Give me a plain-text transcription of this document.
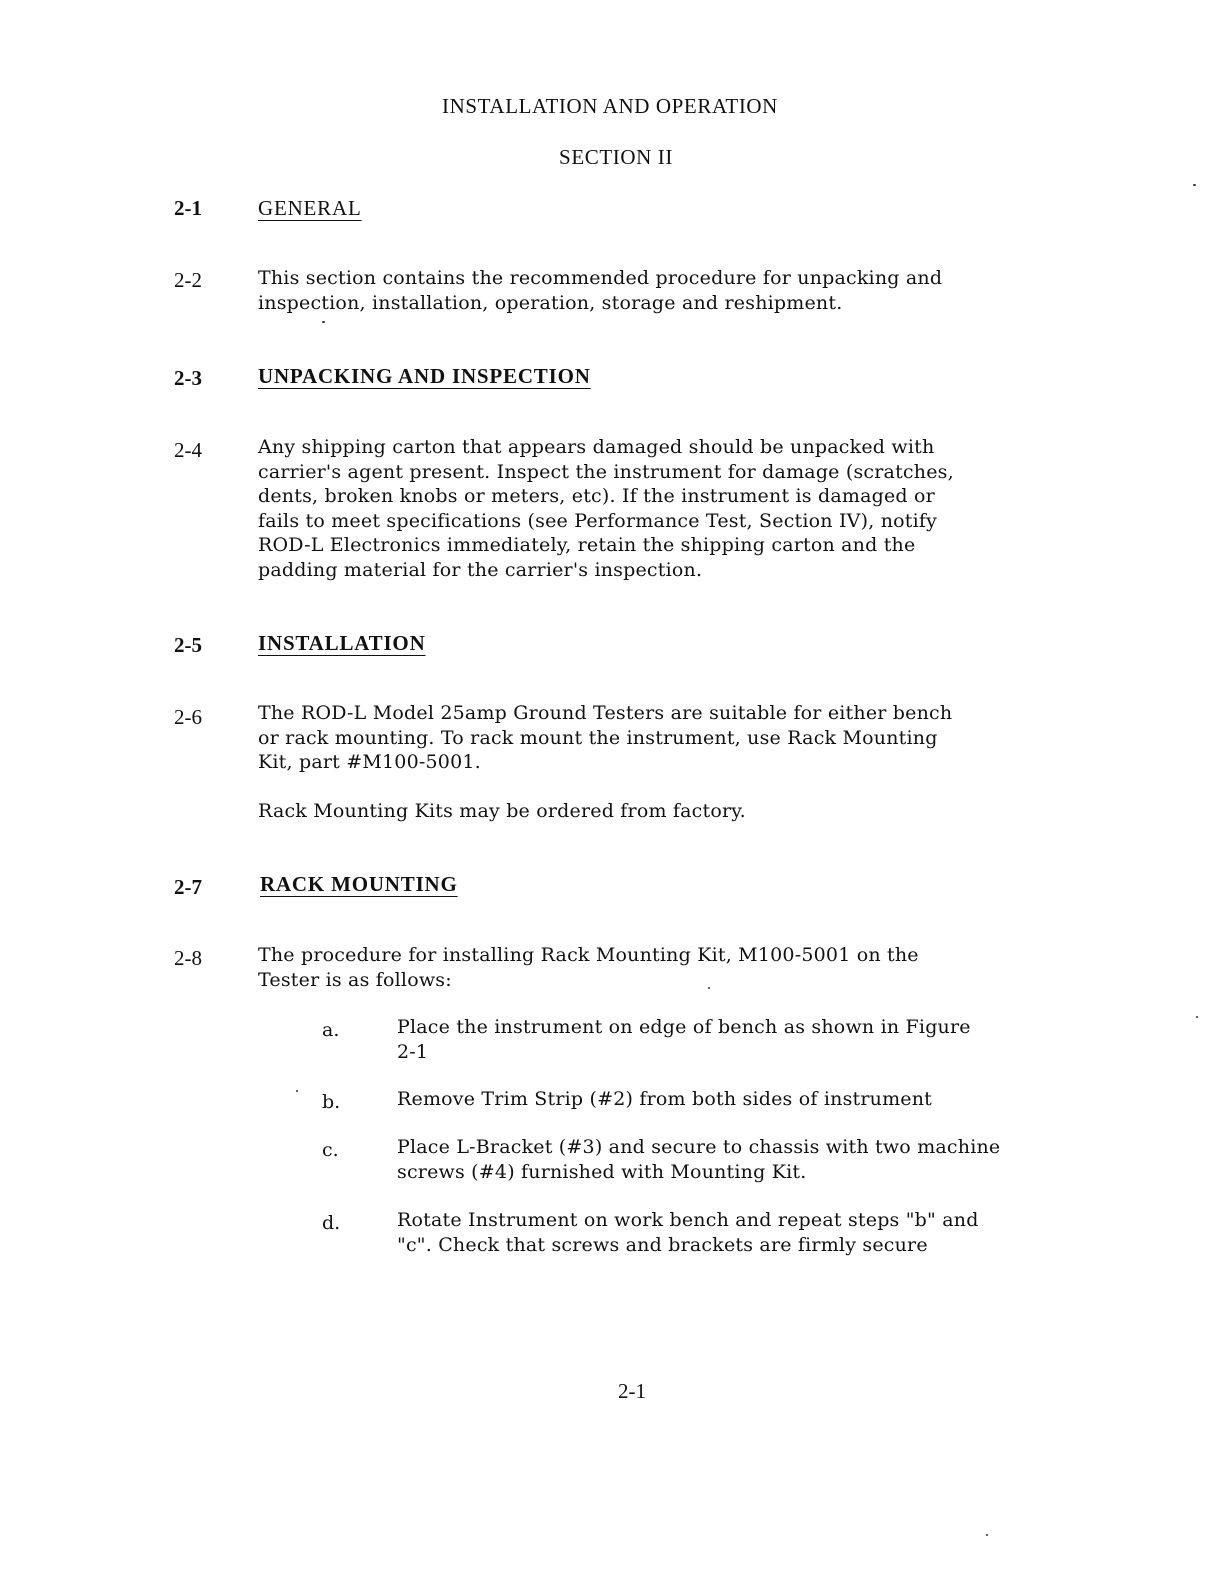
INSTALLATION AND OPERATION
SECTION II
2-1	GENERAL
2-2	This section contains the recommended procedure for unpacking and
inspection, installation, operation, storage and reshipment.
2-3	UNPACKING AND INSPECTION
2-4	Any shipping carton that appears damaged should be unpacked with
carrier's agent present. Inspect the instrument for damage (scratches,
dents, broken knobs or meters, etc). If the instrument is damaged or
fails to meet specifications (see Performance Test, Section IV), notify
ROD-L Electronics immediately, retain the shipping carton and the
padding material for the carrier's inspection.
2-5	INSTALLATION
2-6	The ROD-L Model 25amp Ground Testers are suitable for either bench
or rack mounting. To rack mount the instrument, use Rack Mounting
Kit, part #M100-5001.
Rack Mounting Kits may be ordered from factory.
2-7	RACK MOUNTING
2-8	The procedure for installing Rack Mounting Kit, M100-5001 on the
Tester is as follows:
a.	Place the instrument on edge of bench as shown in Figure
2-1
b.	Remove Trim Strip (#2) from both sides of instrument
c.	Place L-Bracket (#3) and secure to chassis with two machine
screws (#4) furnished with Mounting Kit.
d.	Rotate Instrument on work bench and repeat steps "b" and
"c". Check that screws and brackets are firmly secure
2-1
